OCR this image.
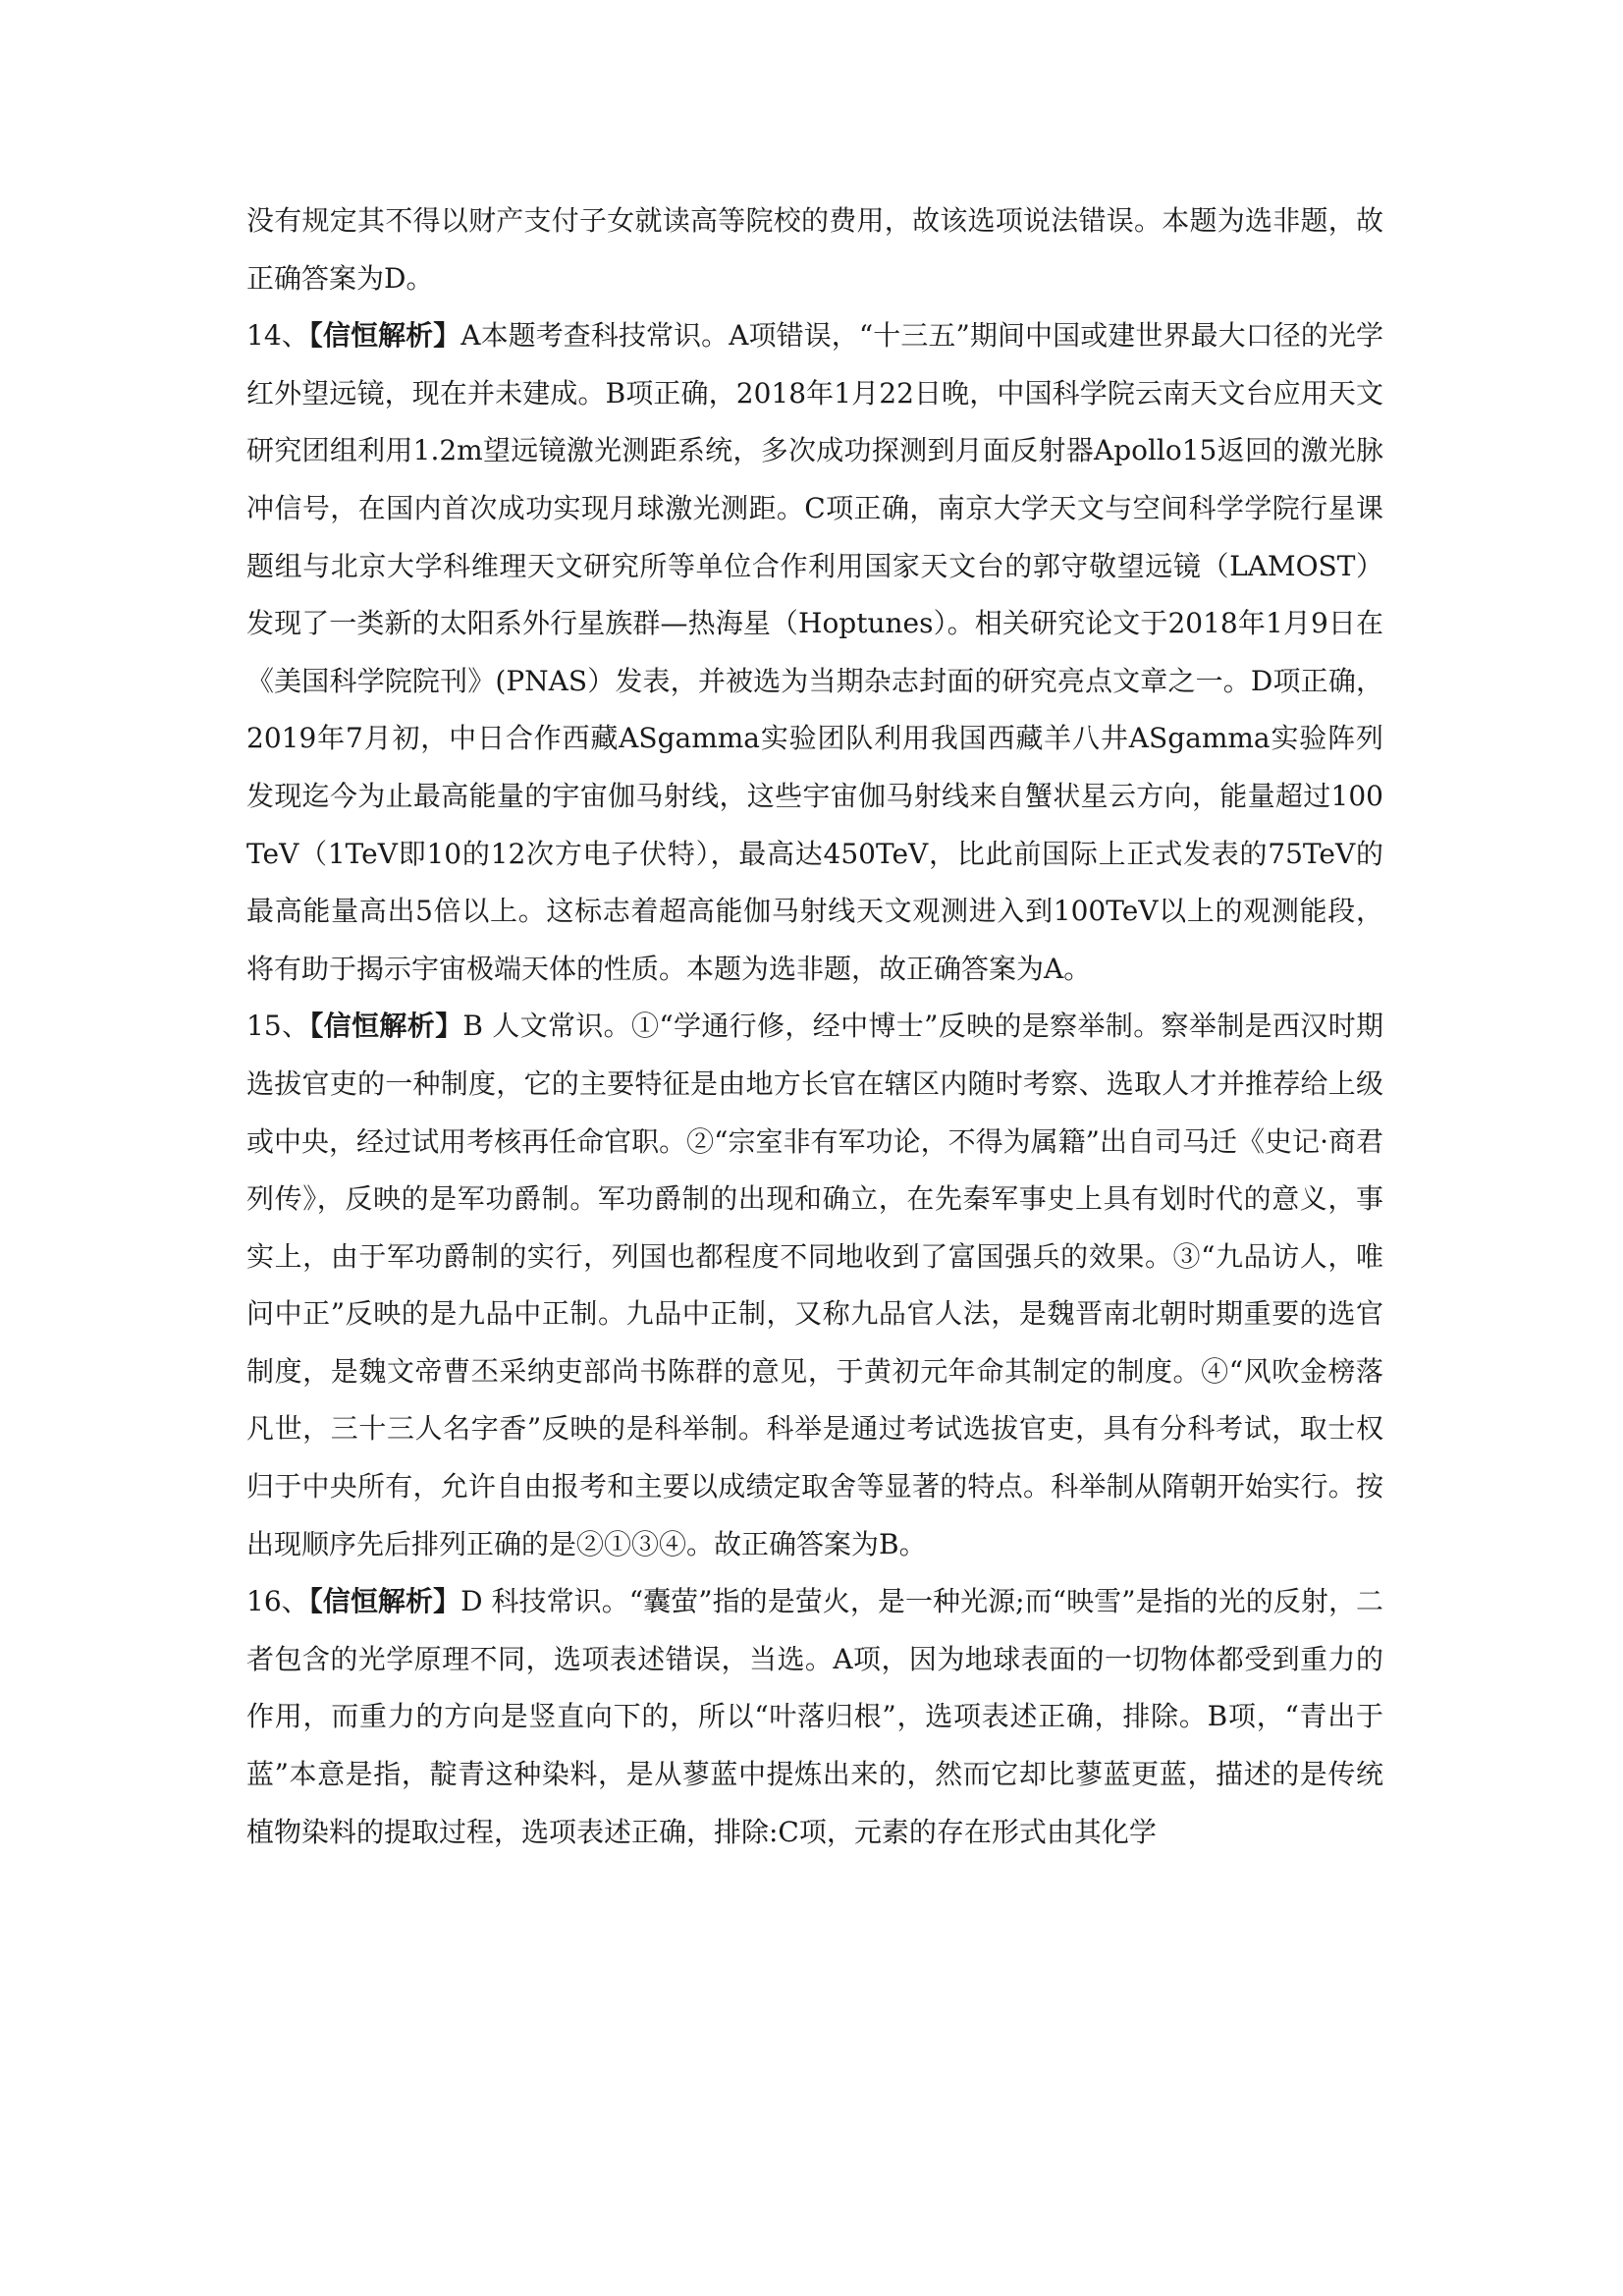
没有规定其不得以财产支付子女就读高等院校的费用，故该选项说法错误。本题为选非题，故正确答案为D。

14、【信恒解析】A本题考查科技常识。A项错误，“十三五”期间中国或建世界最大口径的光学红外望远镜，现在并未建成。B项正确，2018年1月22日晚，中国科学院云南天文台应用天文研究团组利用1.2m望远镜激光测距系统，多次成功探测到月面反射器Apollo15返回的激光脉冲信号，在国内首次成功实现月球激光测距。C项正确，南京大学天文与空间科学学院行星课题组与北京大学科维理天文研究所等单位合作利用国家天文台的郭守敬望远镜（LAMOST）发现了一类新的太阳系外行星族群—热海星（Hoptunes）。相关研究论文于2018年1月9日在《美国科学院院刊》(PNAS）发表，并被选为当期杂志封面的研究亮点文章之一。D项正确，2019年7月初，中日合作西藏ASgamma实验团队利用我国西藏羊八井ASgamma实验阵列发现迄今为止最高能量的宇宙伽马射线，这些宇宙伽马射线来自蟹状星云方向，能量超过100TeV（1TeV即10的12次方电子伏特），最高达450TeV，比此前国际上正式发表的75TeV的最高能量高出5倍以上。这标志着超高能伽马射线天文观测进入到100TeV以上的观测能段，将有助于揭示宇宙极端天体的性质。本题为选非题，故正确答案为A。

15、【信恒解析】B 人文常识。①“学通行修，经中博士”反映的是察举制。察举制是西汉时期选拔官吏的一种制度，它的主要特征是由地方长官在辖区内随时考察、选取人才并推荐给上级或中央，经过试用考核再任命官职。②“宗室非有军功论，不得为属籍”出自司马迁《史记·商君列传》，反映的是军功爵制。军功爵制的出现和确立，在先秦军事史上具有划时代的意义，事实上，由于军功爵制的实行，列国也都程度不同地收到了富国强兵的效果。③“九品访人，唯问中正”反映的是九品中正制。九品中正制，又称九品官人法，是魏晋南北朝时期重要的选官制度，是魏文帝曹丕采纳吏部尚书陈群的意见，于黄初元年命其制定的制度。④“风吹金榜落凡世，三十三人名字香”反映的是科举制。科举是通过考试选拔官吏，具有分科考试，取士权归于中央所有，允许自由报考和主要以成绩定取舍等显著的特点。科举制从隋朝开始实行。按出现顺序先后排列正确的是②①③④。故正确答案为B。

16、【信恒解析】D 科技常识。“囊萤”指的是萤火，是一种光源;而“映雪”是指的光的反射，二者包含的光学原理不同，选项表述错误，当选。A项，因为地球表面的一切物体都受到重力的作用，而重力的方向是竖直向下的，所以“叶落归根”，选项表述正确，排除。B项，“青出于蓝”本意是指，靛青这种染料，是从蓼蓝中提炼出来的，然而它却比蓼蓝更蓝，描述的是传统植物染料的提取过程，选项表述正确，排除:C项，元素的存在形式由其化学
